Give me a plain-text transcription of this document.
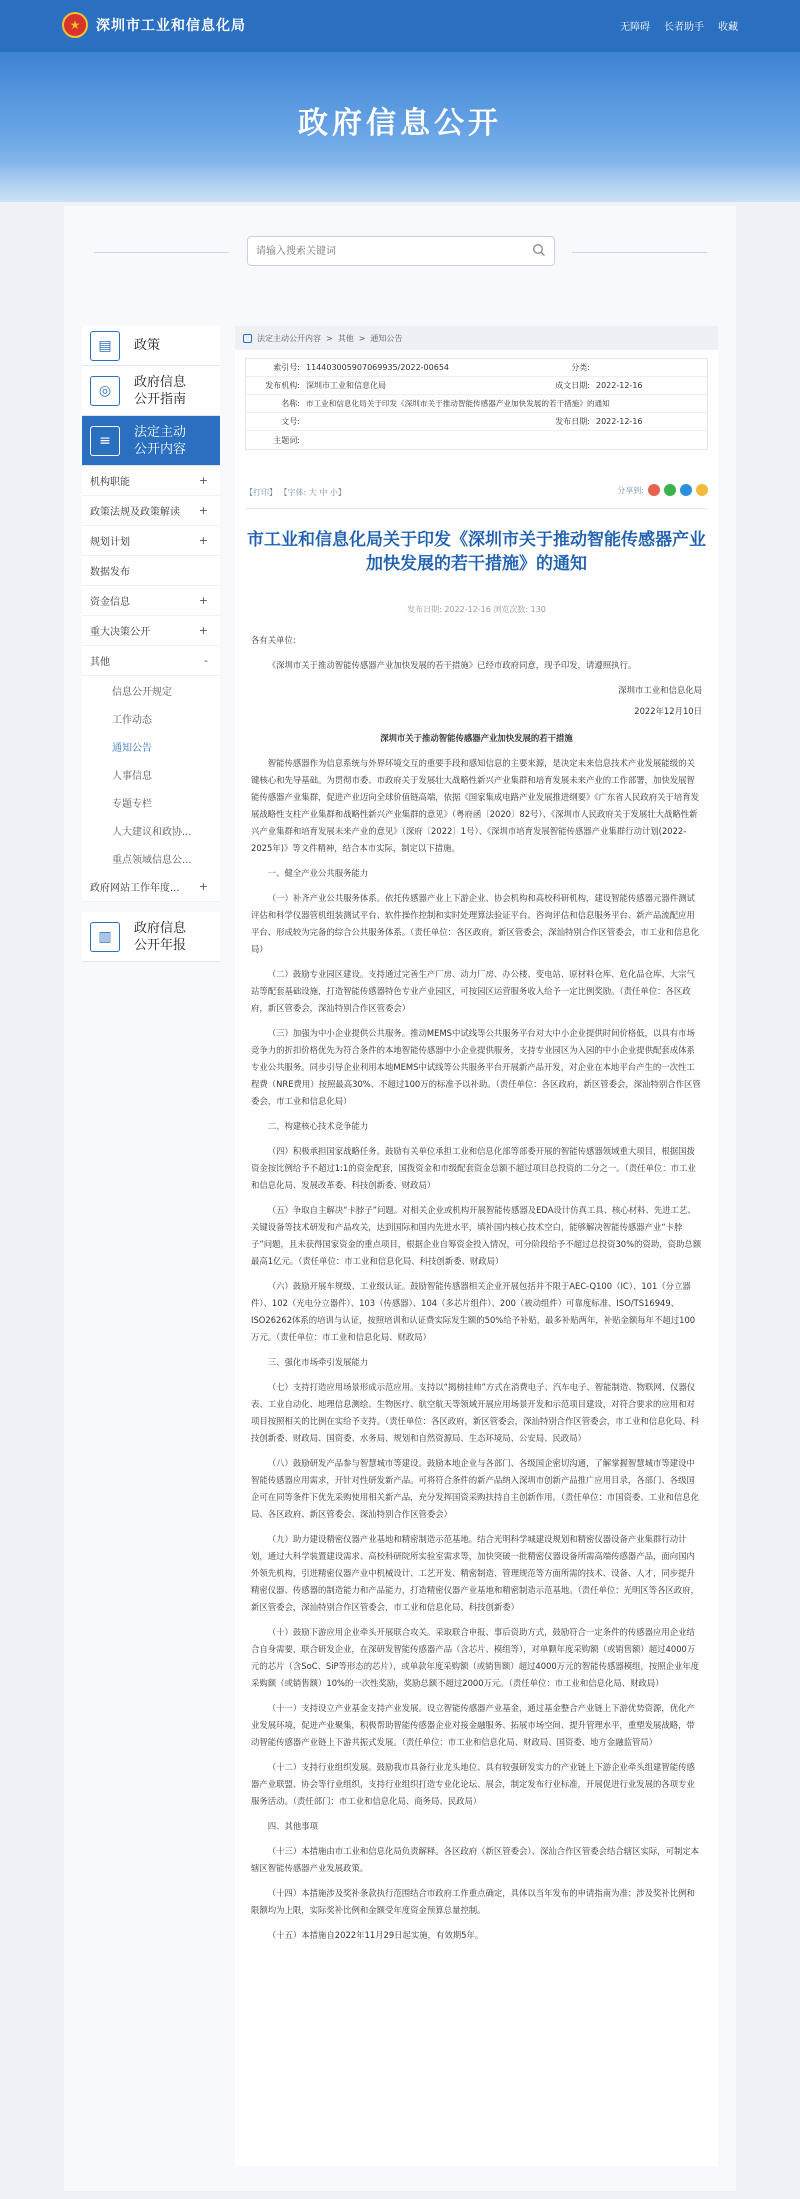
★	深圳市工业和信息化局	无障碍 长者助手 收藏
政府信息公开
请输入搜索关键词
▤	政策
◎
政府信息公开指南
≡
法定主动公开内容
机构职能	+
政策法规及政策解读 +
规划计划	+
数据发布
资金信息	+
重大决策公开	+
其他	-
信息公开规定
工作动态
通知公告
人事信息
专题专栏
人大建议和政协...
重点领域信息公...
政府网站工作年度... +
▥
政府信息公开年报
法定主动公开内容 > 其他 > 通知公告
索引号: 114403005907069935/2022-00654	分类:
发布机构: 深圳市工业和信息化局	成文日期: 2022-12-16
名称: 市工业和信息化局关于印发《深圳市关于推动智能传感器产业加快发展的若干措施》的通知
文号:	发布日期: 2022-12-16
主题词:
【打印】 【字体: 大 中 小】	分享到:
市工业和信息化局关于印发《深圳市关于推动智能传感器产业加快发展的若干措施》的通知
发布日期: 2022-12-16 浏览次数: 130

各有关单位:

《深圳市关于推动智能传感器产业加快发展的若干措施》已经市政府同意，现予印发，请遵照执行。

深圳市工业和信息化局

2022年12月10日

深圳市关于推动智能传感器产业加快发展的若干措施

智能传感器作为信息系统与外界环境交互的重要手段和感知信息的主要来源，是决定未来信息技术产业发展能级的关键核心和先导基础。为贯彻市委、市政府关于发展壮大战略性新兴产业集群和培育发展未来产业的工作部署，加快发展智能传感器产业集群，促进产业迈向全球价值链高端，依据《国家集成电路产业发展推进纲要》《广东省人民政府关于培育发展战略性支柱产业集群和战略性新兴产业集群的意见》（粤府函〔2020〕82号）、《深圳市人民政府关于发展壮大战略性新兴产业集群和培育发展未来产业的意见》（深府〔2022〕1号）、《深圳市培育发展智能传感器产业集群行动计划(2022-2025年)》等文件精神，结合本市实际，制定以下措施。

一、健全产业公共服务能力

（一）补齐产业公共服务体系。依托传感器产业上下游企业、协会机构和高校科研机构，建设智能传感器元器件测试评估和科学仪器管机组装测试平台、软件操作控制和实时处理算法验证平台、咨询评估和信息服务平台、新产品流配应用平台、形成较为完备的综合公共服务体系。（责任单位：各区政府，新区管委会，深汕特别合作区管委会，市工业和信息化局）

（二）鼓励专业园区建设。支持通过完善生产厂房、动力厂房、办公楼、变电站、原材料仓库、危化品仓库、大宗气站等配套基础设施，打造智能传感器特色专业产业园区，可按园区运营服务收入给予一定比例奖励。（责任单位：各区政府，新区管委会，深汕特别合作区管委会）

（三）加强为中小企业提供公共服务。推动MEMS中试线等公共服务平台对大中小企业提供时间价格低，以具有市场竞争力的折扣价格优先为符合条件的本地智能传感器中小企业提供服务，支持专业园区为入园的中小企业提供配套成体系专业公共服务。同步引导企业利用本地MEMS中试线等公共服务平台开展新产品开发，对企业在本地平台产生的一次性工程费（NRE费用）按照最高30%、不超过100万的标准予以补助。（责任单位：各区政府，新区管委会，深汕特别合作区管委会，市工业和信息化局）

二、构建核心技术竞争能力

（四）积极承担国家战略任务。鼓励有关单位承担工业和信息化部等部委开展的智能传感器领域重大项目，根据国拨资金按比例给予不超过1:1的资金配套，国拨资金和市级配套资金总额不超过项目总投资的二分之一。（责任单位：市工业和信息化局、发展改革委、科技创新委、财政局）

（五）争取自主解决“卡脖子”问题。对相关企业或机构开展智能传感器及EDA设计仿真工具、核心材料、先进工艺、关键设备等技术研发和产品攻关，达到国际和国内先进水平，填补国内核心技术空白，能够解决智能传感器产业“卡脖子”问题，且未获得国家资金的重点项目，根据企业自筹资金投入情况，可分阶段给予不超过总投资30%的资助，资助总额最高1亿元。（责任单位：市工业和信息化局、科技创新委、财政局）

（六）鼓励开展车规级、工业级认证。鼓励智能传感器相关企业开展包括并不限于AEC-Q100（IC）、101（分立器件）、102（光电分立器件）、103（传感器）、104（多芯片组件）、200（被动组件）可靠度标准、ISO/TS16949、ISO26262体系的培训与认证，按照培训和认证费实际发生额的50%给予补贴，最多补贴两年，补贴金额每年不超过100万元。（责任单位：市工业和信息化局、财政局）

三、强化市场牵引发展能力

（七）支持打造应用场景形成示范应用。支持以“揭榜挂帅”方式在消费电子、汽车电子、智能制造、物联网、仪器仪表、工业自动化、地理信息测绘、生物医疗、航空航天等领域开展应用场景开发和示范项目建设，对符合要求的应用和对项目按照相关的比例在实给予支持。（责任单位：各区政府，新区管委会，深汕特别合作区管委会，市工业和信息化局、科技创新委、财政局、国资委、水务局、规划和自然资源局、生态环境局、公安局、民政局）

（八）鼓励研发产品参与智慧城市等建设。鼓励本地企业与各部门、各级国企密切沟通，了解掌握智慧城市等建设中智能传感器应用需求，开针对性研发新产品。可将符合条件的新产品纳入深圳市创新产品推广应用目录，各部门、各级国企可在同等条件下优先采购使用相关新产品，充分发挥国资采购扶持自主创新作用。（责任单位：市国资委、工业和信息化局、各区政府、新区管委会、深汕特别合作区管委会）

（九）助力建设精密仪器产业基地和精密制造示范基地。结合光明科学城建设规划和精密仪器设备产业集群行动计划，通过大科学装置建设需求、高校科研院所实验室需求等，加快突破一批精密仪器设备所需高端传感器产品，面向国内外领先机构，引进精密仪器产业中机械设计、工艺开发、精密制造、管理规范等方面所需的技术、设备、人才，同步提升精密仪器、传感器的制造能力和产品能力，打造精密仪器产业基地和精密制造示范基地。（责任单位：光明区等各区政府，新区管委会，深汕特别合作区管委会，市工业和信息化局、科技创新委）

（十）鼓励下游应用企业牵头开展联合攻关。采取联合申报、事后资助方式，鼓励符合一定条件的传感器应用企业结合自身需要，联合研发企业，在深研发智能传感器产品（含芯片、模组等），对单颗年度采购额（或销售额）超过4000万元的芯片（含SoC、SiP等形态的芯片），或单款年度采购额（或销售额）超过4000万元的智能传感器模组，按照企业年度采购额（或销售额）10%的一次性奖励，奖励总额不超过2000万元。（责任单位：市工业和信息化局、财政局）

（十一）支持设立产业基金支持产业发展。设立智能传感器产业基金，通过基金整合产业链上下游优势资源，优化产业发展环境，促进产业聚集，积极帮助智能传感器企业对接金融服务、拓展市场空间、提升管理水平，重塑发展战略，带动智能传感器产业链上下游共振式发展。（责任单位：市工业和信息化局、财政局、国资委、地方金融监管局）

（十二）支持行业组织发展。鼓励我市具备行业龙头地位、具有较强研发实力的产业链上下游企业牵头组建智能传感器产业联盟、协会等行业组织，支持行业组织打造专业化论坛、展会，制定发布行业标准，开展促进行业发展的各项专业服务活动。（责任部门：市工业和信息化局、商务局、民政局）

四、其他事项

（十三）本措施由市工业和信息化局负责解释。各区政府（新区管委会）、深汕合作区管委会结合辖区实际，可制定本辖区智能传感器产业发展政策。

（十四）本措施涉及奖补条款执行范围结合市政府工作重点确定，具体以当年发布的申请指南为准；涉及奖补比例和限额均为上限，实际奖补比例和金额受年度资金预算总量控制。

（十五）本措施自2022年11月29日起实施，有效期5年。
